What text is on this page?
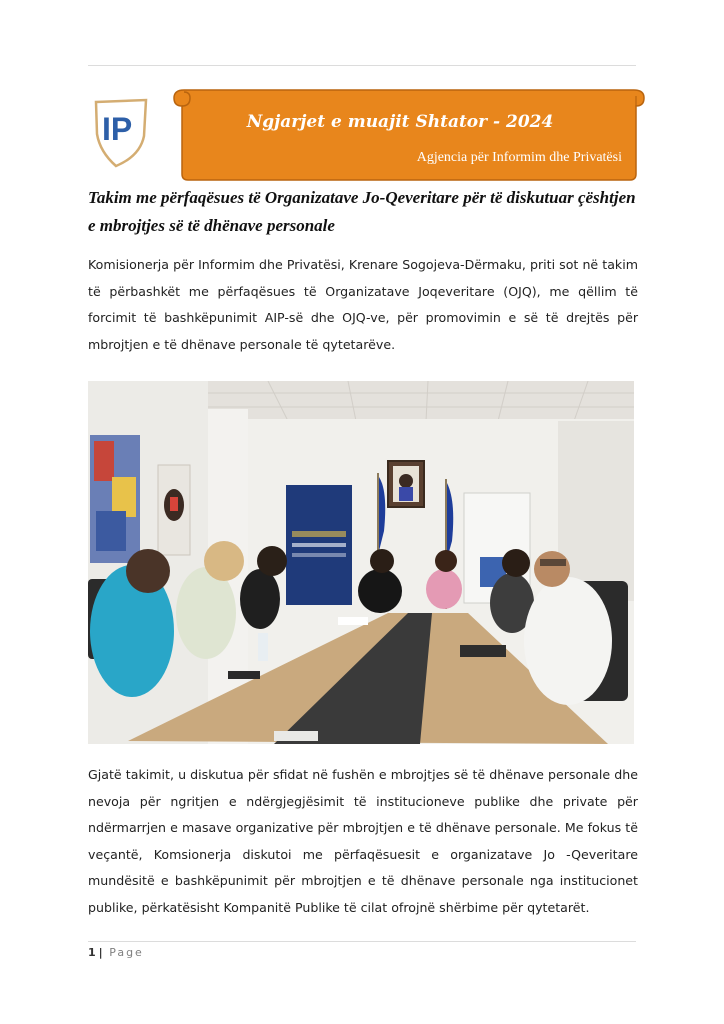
IP	Ngjarjet e muajit Shtator - 2024
Agjencia për Informim dhe Privatësi
Takim me përfaqësues të Organizatave Jo-Qeveritare për të diskutuar çështjen e mbrojtjes së të dhënave personale

Komisionerja për Informim dhe Privatësi, Krenare Sogojeva-Dërmaku, priti sot në takim të përbashkët me përfaqësues të Organizatave Joqeveritare (OJQ), me qëllim të forcimit të bashkëpunimit AIP-së dhe OJQ-ve, për promovimin e së të drejtës për mbrojtjen e të dhënave personale të qytetarëve.

Gjatë takimit, u diskutua për sfidat në fushën e mbrojtjes së të dhënave personale dhe nevoja për ngritjen e ndërgjegjësimit të institucioneve publike dhe private për ndërmarrjen e masave organizative për mbrojtjen e të dhënave personale. Me fokus të veçantë, Komsionerja diskutoi me përfaqësuesit e organizatave Jo -Qeveritare mundësitë e bashkëpunimit për mbrojtjen e të dhënave personale nga institucionet publike, përkatësisht Kompanitë Publike të cilat ofrojnë shërbime për qytetarët.

1 | Page
